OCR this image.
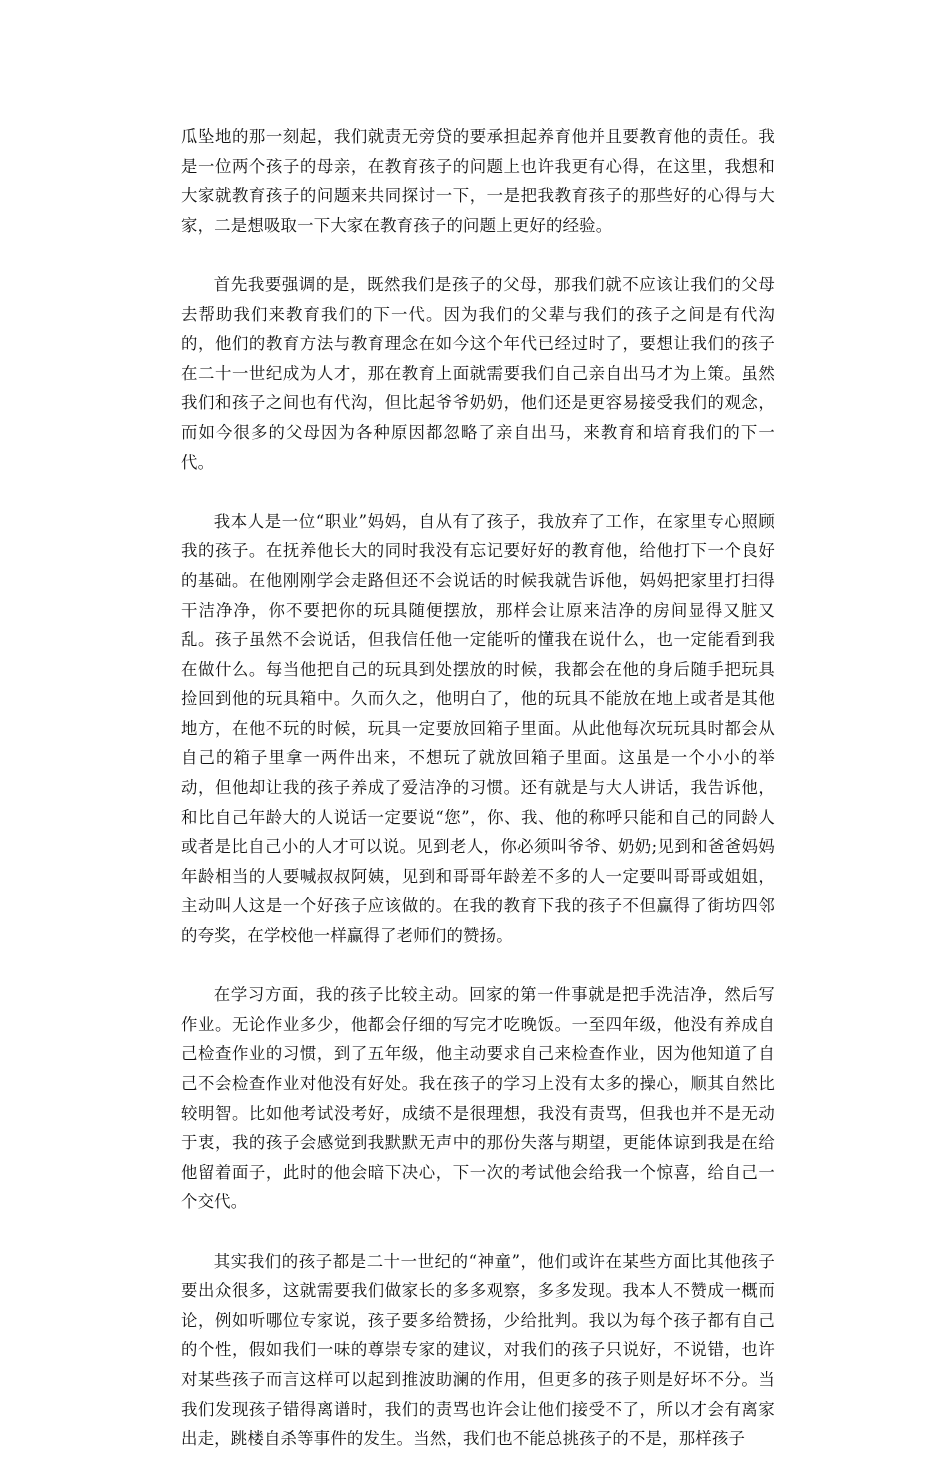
瓜坠地的那一刻起，我们就责无旁贷的要承担起养育他并且要教育他的责任。我是一位两个孩子的母亲，在教育孩子的问题上也许我更有心得，在这里，我想和大家就教育孩子的问题来共同探讨一下，一是把我教育孩子的那些好的心得与大家，二是想吸取一下大家在教育孩子的问题上更好的经验。

首先我要强调的是，既然我们是孩子的父母，那我们就不应该让我们的父母去帮助我们来教育我们的下一代。因为我们的父辈与我们的孩子之间是有代沟的，他们的教育方法与教育理念在如今这个年代已经过时了，要想让我们的孩子在二十一世纪成为人才，那在教育上面就需要我们自己亲自出马才为上策。虽然我们和孩子之间也有代沟，但比起爷爷奶奶，他们还是更容易接受我们的观念，而如今很多的父母因为各种原因都忽略了亲自出马，来教育和培育我们的下一代。

我本人是一位“职业”妈妈，自从有了孩子，我放弃了工作，在家里专心照顾我的孩子。在抚养他长大的同时我没有忘记要好好的教育他，给他打下一个良好的基础。在他刚刚学会走路但还不会说话的时候我就告诉他，妈妈把家里打扫得干洁净净，你不要把你的玩具随便摆放，那样会让原来洁净的房间显得又脏又乱。孩子虽然不会说话，但我信任他一定能听的懂我在说什么，也一定能看到我在做什么。每当他把自己的玩具到处摆放的时候，我都会在他的身后随手把玩具捡回到他的玩具箱中。久而久之，他明白了，他的玩具不能放在地上或者是其他地方，在他不玩的时候，玩具一定要放回箱子里面。从此他每次玩玩具时都会从自己的箱子里拿一两件出来，不想玩了就放回箱子里面。这虽是一个小小的举动，但他却让我的孩子养成了爱洁净的习惯。还有就是与大人讲话，我告诉他，和比自己年龄大的人说话一定要说“您”，你、我、他的称呼只能和自己的同龄人或者是比自己小的人才可以说。见到老人，你必须叫爷爷、奶奶;见到和爸爸妈妈年龄相当的人要喊叔叔阿姨，见到和哥哥年龄差不多的人一定要叫哥哥或姐姐，主动叫人这是一个好孩子应该做的。在我的教育下我的孩子不但赢得了街坊四邻的夸奖，在学校他一样赢得了老师们的赞扬。

在学习方面，我的孩子比较主动。回家的第一件事就是把手洗洁净，然后写作业。无论作业多少，他都会仔细的写完才吃晚饭。一至四年级，他没有养成自己检查作业的习惯，到了五年级，他主动要求自己来检查作业，因为他知道了自己不会检查作业对他没有好处。我在孩子的学习上没有太多的操心，顺其自然比较明智。比如他考试没考好，成绩不是很理想，我没有责骂，但我也并不是无动于衷，我的孩子会感觉到我默默无声中的那份失落与期望，更能体谅到我是在给他留着面子，此时的他会暗下决心，下一次的考试他会给我一个惊喜，给自己一个交代。

其实我们的孩子都是二十一世纪的“神童”，他们或许在某些方面比其他孩子要出众很多，这就需要我们做家长的多多观察，多多发现。我本人不赞成一概而论，例如听哪位专家说，孩子要多给赞扬，少给批判。我以为每个孩子都有自己的个性，假如我们一味的尊崇专家的建议，对我们的孩子只说好，不说错，也许对某些孩子而言这样可以起到推波助澜的作用，但更多的孩子则是好坏不分。当我们发现孩子错得离谱时，我们的责骂也许会让他们接受不了，所以才会有离家出走，跳楼自杀等事件的发生。当然，我们也不能总挑孩子的不是，那样孩子
